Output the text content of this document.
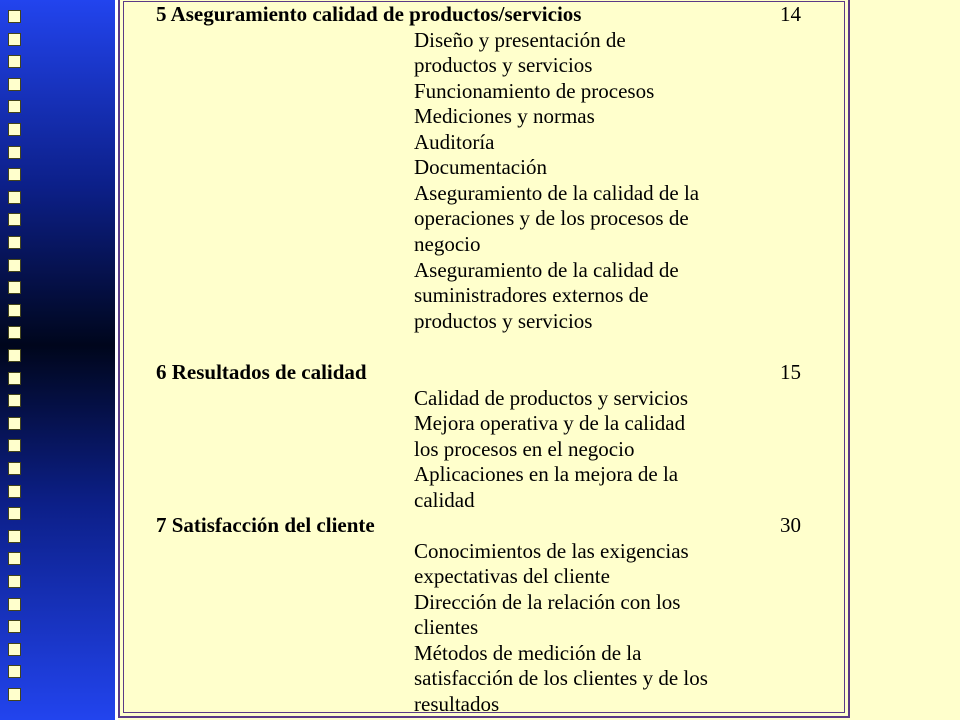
5 Aseguramiento calidad de productos/servicios	14
Diseño y presentación de
productos y servicios
Funcionamiento de procesos
Mediciones y normas
Auditoría
Documentación
Aseguramiento de la calidad de la
operaciones y de los procesos de
negocio
Aseguramiento de la calidad de
suministradores externos de
productos y servicios
6 Resultados de calidad	15
Calidad de productos y servicios
Mejora operativa y de la calidad
los procesos en el negocio
Aplicaciones en la mejora de la
calidad
7 Satisfacción del cliente	30
Conocimientos de las exigencias
expectativas del cliente
Dirección de la relación con los
clientes
Métodos de medición de la
satisfacción de los clientes y de los
resultados
